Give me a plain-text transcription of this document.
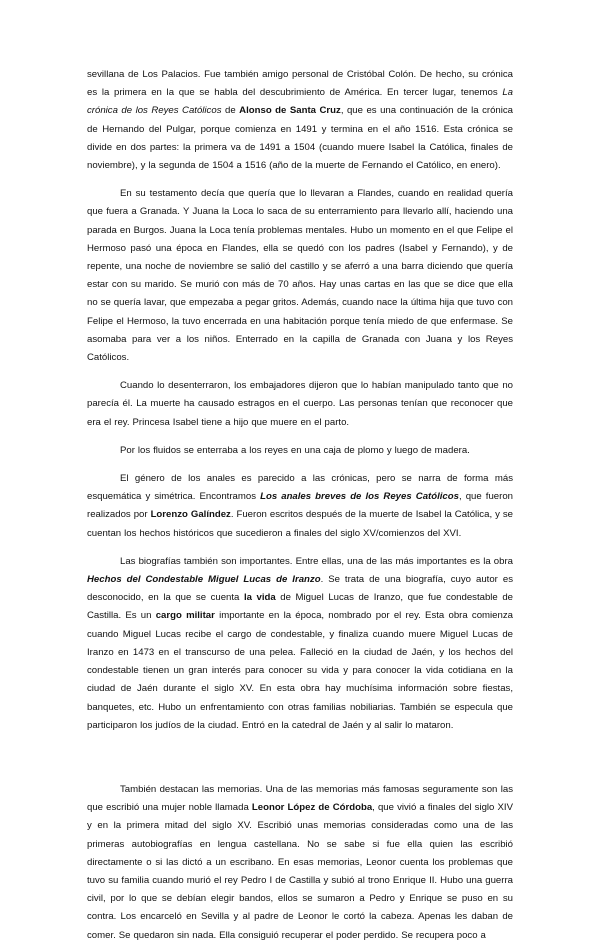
sevillana de Los Palacios. Fue también amigo personal de Cristóbal Colón. De hecho, su crónica es la primera en la que se habla del descubrimiento de América. En tercer lugar, tenemos La crónica de los Reyes Católicos de Alonso de Santa Cruz, que es una continuación de la crónica de Hernando del Pulgar, porque comienza en 1491 y termina en el año 1516. Esta crónica se divide en dos partes: la primera va de 1491 a 1504 (cuando muere Isabel la Católica, finales de noviembre), y la segunda de 1504 a 1516 (año de la muerte de Fernando el Católico, en enero).

En su testamento decía que quería que lo llevaran a Flandes, cuando en realidad quería que fuera a Granada. Y Juana la Loca lo saca de su enterramiento para llevarlo allí, haciendo una parada en Burgos. Juana la Loca tenía problemas mentales. Hubo un momento en el que Felipe el Hermoso pasó una época en Flandes, ella se quedó con los padres (Isabel y Fernando), y de repente, una noche de noviembre se salió del castillo y se aferró a una barra diciendo que quería estar con su marido. Se murió con más de 70 años. Hay unas cartas en las que se dice que ella no se quería lavar, que empezaba a pegar gritos. Además, cuando nace la última hija que tuvo con Felipe el Hermoso, la tuvo encerrada en una habitación porque tenía miedo de que enfermase. Se asomaba para ver a los niños. Enterrado en la capilla de Granada con Juana y los Reyes Católicos.

Cuando lo desenterraron, los embajadores dijeron que lo habían manipulado tanto que no parecía él. La muerte ha causado estragos en el cuerpo. Las personas tenían que reconocer que era el rey. Princesa Isabel tiene a hijo que muere en el parto.

Por los fluidos se enterraba a los reyes en una caja de plomo y luego de madera.

El género de los anales es parecido a las crónicas, pero se narra de forma más esquemática y simétrica. Encontramos Los anales breves de los Reyes Católicos, que fueron realizados por Lorenzo Galíndez. Fueron escritos después de la muerte de Isabel la Católica, y se cuentan los hechos históricos que sucedieron a finales del siglo XV/comienzos del XVI.

Las biografías también son importantes. Entre ellas, una de las más importantes es la obra Hechos del Condestable Miguel Lucas de Iranzo. Se trata de una biografía, cuyo autor es desconocido, en la que se cuenta la vida de Miguel Lucas de Iranzo, que fue condestable de Castilla. Es un cargo militar importante en la época, nombrado por el rey. Esta obra comienza cuando Miguel Lucas recibe el cargo de condestable, y finaliza cuando muere Miguel Lucas de Iranzo en 1473 en el transcurso de una pelea. Falleció en la ciudad de Jaén, y los hechos del condestable tienen un gran interés para conocer su vida y para conocer la vida cotidiana en la ciudad de Jaén durante el siglo XV. En esta obra hay muchísima información sobre fiestas, banquetes, etc. Hubo un enfrentamiento con otras familias nobiliarias. También se especula que participaron los judíos de la ciudad. Entró en la catedral de Jaén y al salir lo mataron.

También destacan las memorias. Una de las memorias más famosas seguramente son las que escribió una mujer noble llamada Leonor López de Córdoba, que vivió a finales del siglo XIV y en la primera mitad del siglo XV. Escribió unas memorias consideradas como una de las primeras autobiografías en lengua castellana. No se sabe si fue ella quien las escribió directamente o si las dictó a un escribano. En esas memorias, Leonor cuenta los problemas que tuvo su familia cuando murió el rey Pedro I de Castilla y subió al trono Enrique II. Hubo una guerra civil, por lo que se debían elegir bandos, ellos se sumaron a Pedro y Enrique se puso en su contra. Los encarceló en Sevilla y al padre de Leonor le cortó la cabeza. Apenas les daban de comer. Se quedaron sin nada. Ella consiguió recuperar el poder perdido. Se recupera poco a
